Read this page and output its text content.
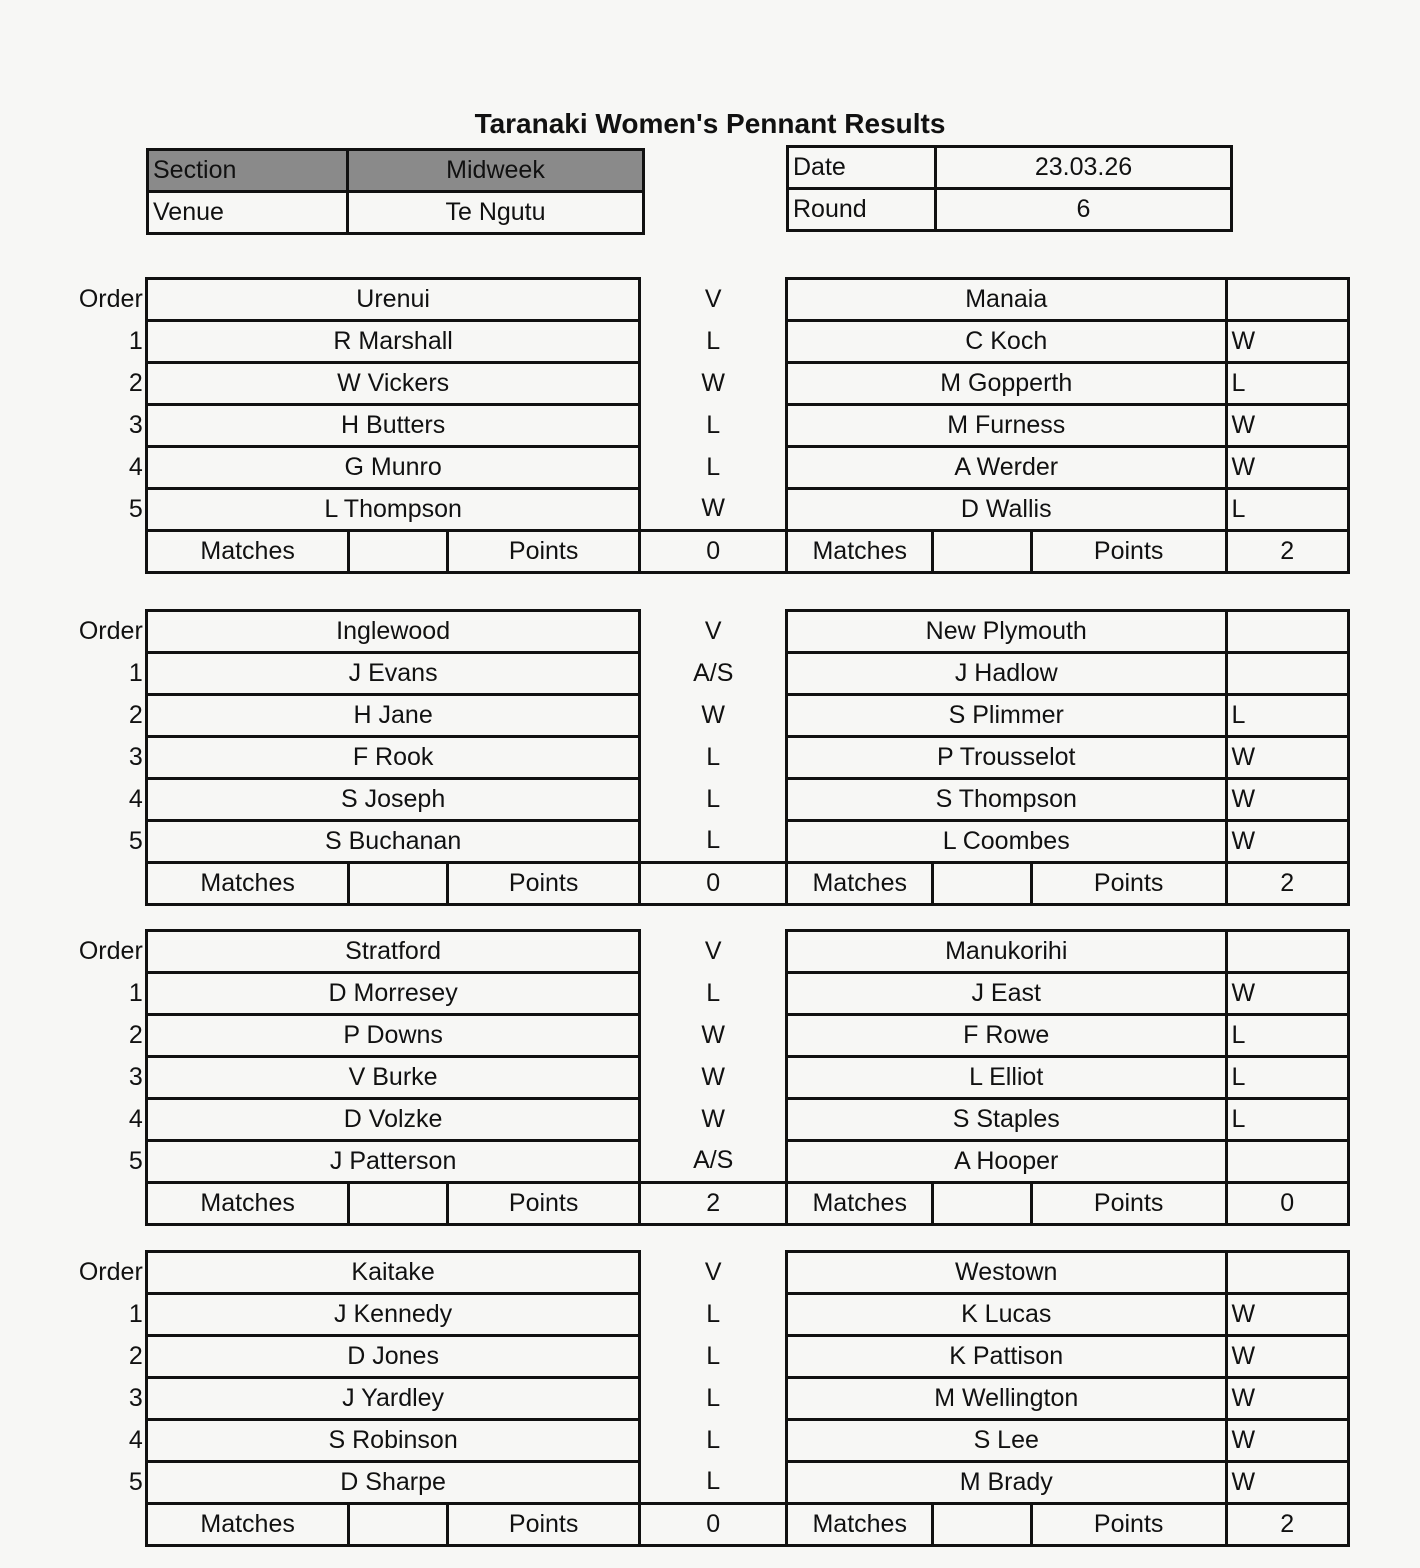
Taranaki Women's Pennant Results
Section	Midweek
Venue	Te Ngutu
Date	23.03.26
Round	6
Order	Urenui			V	Manaia			
1	R Marshall			L	C Koch			W
2	W Vickers			W	M Gopperth			L
3	H Butters			L	M Furness			W
4	G Munro			L	A Werder			W
5	L Thompson			W	D Wallis			L
	Matches		Points	0	Matches		Points	2
Order	Inglewood			V	New Plymouth			
1	J Evans			A/S	J Hadlow			
2	H Jane			W	S Plimmer			L
3	F Rook			L	P Trousselot			W
4	S Joseph			L	S Thompson			W
5	S Buchanan			L	L Coombes			W
	Matches		Points	0	Matches		Points	2
Order	Stratford			V	Manukorihi			
1	D Morresey			L	J East			W
2	P Downs			W	F Rowe			L
3	V Burke			W	L Elliot			L
4	D Volzke			W	S Staples			L
5	J Patterson			A/S	A Hooper			
	Matches		Points	2	Matches		Points	0
Order	Kaitake			V	Westown			
1	J Kennedy			L	K Lucas			W
2	D Jones			L	K Pattison			W
3	J Yardley			L	M Wellington			W
4	S Robinson			L	S Lee			W
5	D Sharpe			L	M Brady			W
	Matches		Points	0	Matches		Points	2
